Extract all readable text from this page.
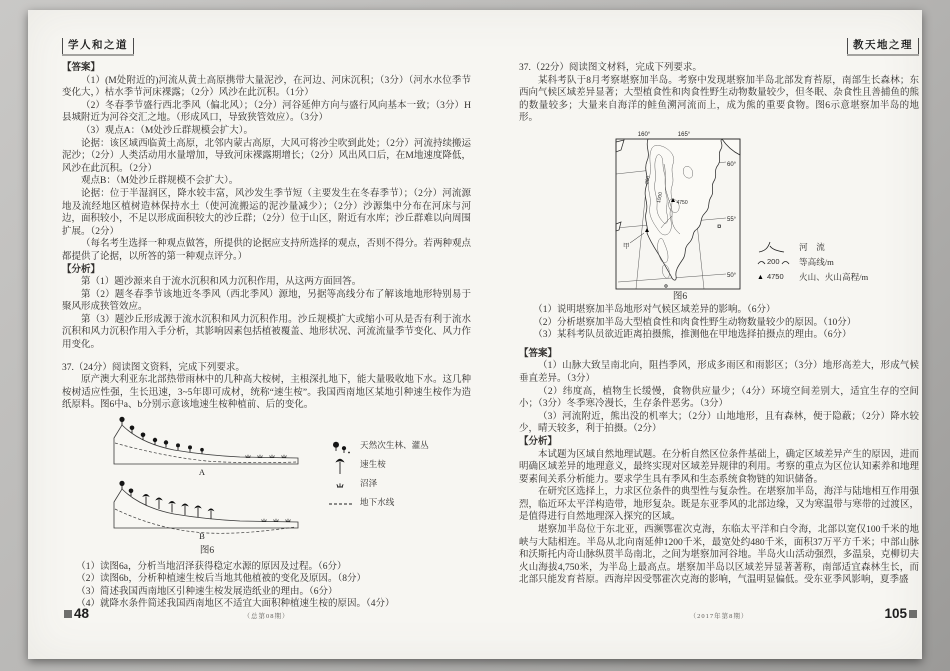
学人和之道

【答案】

（1）(M处附近的)河流从黄土高原携带大量泥沙，在河边、河床沉积；（3分）（河水水位季节变化大，）枯水季节河床裸露；（2分）风沙在此沉积。（1分）

（2）冬春季节盛行西北季风（偏北风）；（2分）河谷延伸方向与盛行风向基本一致；（3分）H县城附近为河谷交汇之地。（形成风口，导致狭管效应）。（3分）

（3）观点A：（M处沙丘群规模会扩大）。

论据：该区域西临黄土高原，北邻内蒙古高原，大风可将沙尘吹到此处；（2分）河流持续搬运泥沙；（2分）人类活动用水量增加，导致河床裸露期增长；（2分）风出风口后，在M地速度降低，风沙在此沉积。（2分）

观点B：（M处沙丘群规模不会扩大）。

论据：位于半湿润区，降水较丰富，风沙发生季节短（主要发生在冬春季节）；（2分）河流源地及流经地区植树造林保持水土（使河流搬运的泥沙量减少）；（2分）沙源集中分布在河床与河边，面积较小，不足以形成面积较大的沙丘群；（2分）位于山区，附近有水库；沙丘群难以向周围扩展。（2分）

（每名考生选择一种观点做答，所提供的论据应支持所选择的观点，否则不得分。若两种观点都提供了论据，以所答的第一种观点评分。）

【分析】

第（1）题沙源来自于流水沉积和风力沉积作用，从这两方面回答。

第（2）题冬春季节该地近冬季风（西北季风）源地，另据等高线分布了解该地地形特别易于聚风形成狭管效应。

第（3）题沙丘形成源于流水沉积和风力沉积作用。沙丘规模扩大或缩小可从是否有利于流水沉积和风力沉积作用入手分析，其影响因素包括植被覆盖、地形状况、河流流量季节变化、风力作用变化。

37.（24分）阅读图文资料，完成下列要求。

原产澳大利亚东北部热带雨林中的几种高大桉树，主根深扎地下，能大量吸收地下水。这几种桉树适应性强，生长迅速，3~5年即可成材，统称“速生桉”。我国西南地区某地引种速生桉作为造纸原料。图6中a、b分别示意该地速生桉种植前、后的变化。

A
B
天然次生林、灌丛
速生桉
沼泽
地下水线
图6

（1）读图6a，分析当地沼泽获得稳定水源的原因及过程。（6分）

（2）读图6b，分析种植速生桉后当地其他植被的变化及原因。（8分）

（3）简述我国西南地区引种速生桉发展造纸业的理由。（6分）

（4）就降水条件简述我国西南地区不适宜大面积种植速生桉的原因。（4分）

教天地之理

37.（22分）阅读图文材料，完成下列要求。

某科考队于8月考察堪察加半岛。考察中发现堪察加半岛北部发育苔原，南部生长森林；东西向气候区域差异显著；大型植食性和肉食性野生动物数量较少，但冬眠、杂食性且善捕鱼的熊的数量较多；大量来自海洋的鲑鱼溯河流而上，成为熊的重要食物。图6示意堪察加半岛的地形。

4750
甲
200
1000
160°	165°
60°
55°
50°
河　流
200 等高线/m
▲ 4750 火山、火山高程/m
图6

（1）说明堪察加半岛地形对气候区域差异的影响。（6分）

（2）分析堪察加半岛大型植食性和肉食性野生动物数量较少的原因。（10分）

（3）某科考队员欲近距离拍摄熊，推测他在甲地选择拍摄点的理由。（6分）

【答案】

（1）山脉大致呈南北向，阻挡季风，形成多雨区和雨影区；（3分）地形高差大，形成气候垂直差异。（3分）

（2）纬度高，植物生长缓慢，食物供应量少；（4分）环境空间差别大，适宜生存的空间小；（3分）冬季寒冷漫长，生存条件恶劣。（3分）

（3）河流附近，熊出没的机率大；（2分）山地地形，且有森林，便于隐蔽；（2分）降水较少，晴天较多，利于拍摄。（2分）

【分析】

本试题为区域自然地理试题。在分析自然区位条件基础上，确定区域差异产生的原因，进而明确区域差异的地理意义，最终实现对区域差异规律的利用。考察的重点为区位认知素养和地理要素间关系分析能力。要求学生具有季风和生态系统食物链的知识储备。

在研究区选择上，力求区位条件的典型性与复杂性。在堪察加半岛，海洋与陆地相互作用强烈，临近环太平洋构造带，地形复杂。既是东亚季风的北部边缘，又为寒温带与寒带的过渡区，是值得进行自然地理深入探究的区域。

堪察加半岛位于东北亚，西濒鄂霍次克海，东临太平洋和白令海，北部以宽仅100千米的地峡与大陆相连。半岛从北向南延伸1200千米，最宽处约480千米，面积37万平方千米；中部山脉和沃斯托内奇山脉纵贯半岛南北，之间为堪察加河谷地。半岛火山活动强烈，多温泉，克柳切夫火山海拔4,750米，为半岛上最高点。堪察加半岛以区域差异显著著称，南部适宜森林生长，而北部只能发育苔原。西海岸因受鄂霍次克海的影响，气温明显偏低。受东亚季风影响，夏季盛

48	（总第08期）	（2017年第8期）	105
